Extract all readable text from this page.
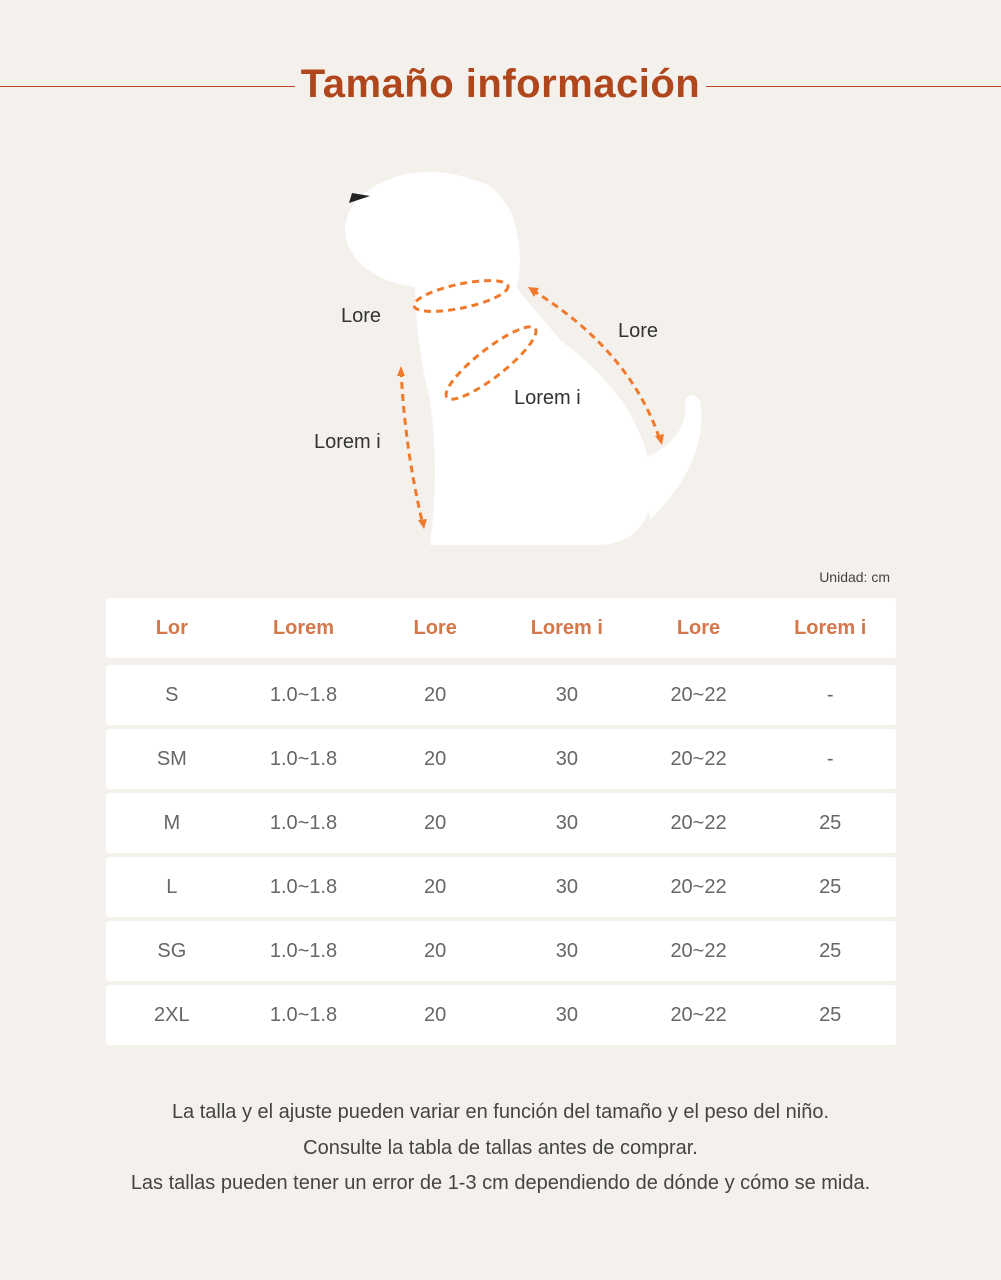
Tamaño información
Lore
Lore
Lorem i
Lorem i
Unidad: cm
Lor	Lorem	Lore	Lorem i	Lore	Lorem i
S	1.0~1.8	20	30	20~22	-
SM	1.0~1.8	20	30	20~22	-
M	1.0~1.8	20	30	20~22	25
L	1.0~1.8	20	30	20~22	25
SG	1.0~1.8	20	30	20~22	25
2XL	1.0~1.8	20	30	20~22	25
La talla y el ajuste pueden variar en función del tamaño y el peso del niño.
Consulte la tabla de tallas antes de comprar.
Las tallas pueden tener un error de 1-3 cm dependiendo de dónde y cómo se mida.
